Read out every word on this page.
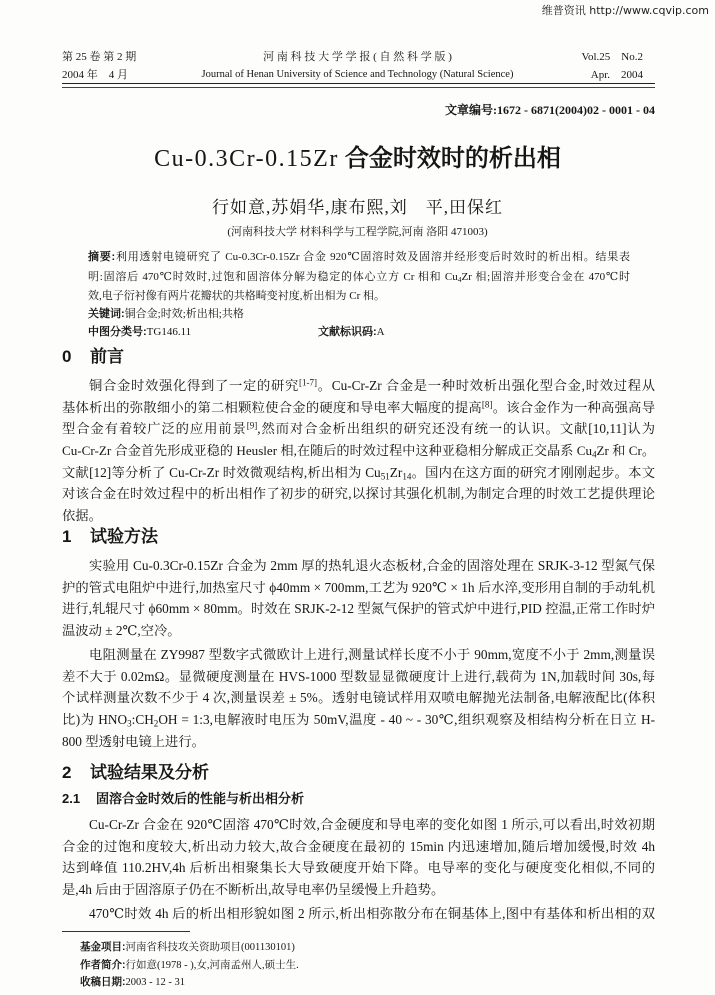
维普资讯 http://www.cqvip.com
第 25 卷 第 2 期
2004 年　4 月
河 南 科 技 大 学 学 报 ( 自 然 科 学 版 )
Journal of Henan University of Science and Technology (Natural Science)
Vol.25　No.2
Apr.　2004
文章编号:1672 - 6871(2004)02 - 0001 - 04
Cu-0.3Cr-0.15Zr 合金时效时的析出相
行如意,苏娟华,康布熙,刘　平,田保红
(河南科技大学 材料科学与工程学院,河南 洛阳 471003)
摘要:利用透射电镜研究了 Cu-0.3Cr-0.15Zr 合金 920℃固溶时效及固溶并经形变后时效时的析出相。结果表
明:固溶后 470℃时效时,过饱和固溶体分解为稳定的体心立方 Cr 相和 $Cu_4Zr$ 相;固溶并形变合金在 470℃时
效,电子衍衬像有两片花瓣状的共格畸变衬度,析出相为 Cr 相。
关键词:铜合金;时效;析出相;共格
中图分类号:TG146.11	文献标识码:A
0 前言
铜合金时效强化得到了一定的研究[1-7]。Cu-Cr-Zr 合金是一种时效析出强化型合金,时效过程从
基体析出的弥散细小的第二相颗粒使合金的硬度和导电率大幅度的提高[8]。该合金作为一种高强高导
型合金有着较广泛的应用前景[9],然而对合金析出组织的研究还没有统一的认识。文献[10,11]认为
Cu-Cr-Zr 合金首先形成亚稳的 Heusler 相,在随后的时效过程中这种亚稳相分解成正交晶系 $Cu_4Zr$ 和 Cr。
文献[12]等分析了 Cu-Cr-Zr 时效微观结构,析出相为 $Cu_{51}Zr_{14}$。国内在这方面的研究才刚刚起步。本文
对该合金在时效过程中的析出相作了初步的研究,以探讨其强化机制,为制定合理的时效工艺提供理论
依据。
1 试验方法
实验用 Cu-0.3Cr-0.15Zr 合金为 2mm 厚的热轧退火态板材,合金的固溶处理在 SRJK-3-12 型氮气保
护的管式电阻炉中进行,加热室尺寸 ϕ40mm × 700mm,工艺为 920℃ × 1h 后水淬,变形用自制的手动轧机
进行,轧辊尺寸 ϕ60mm × 80mm。时效在 SRJK-2-12 型氮气保护的管式炉中进行,PID 控温,正常工作时炉
温波动 ± 2℃,空冷。
电阻测量在 ZY9987 型数字式微欧计上进行,测量试样长度不小于 90mm,宽度不小于 2mm,测量误
差不大于 0.02mΩ。显微硬度测量在 HVS-1000 型数显显微硬度计上进行,载荷为 1N,加载时间 30s,每
个试样测量次数不少于 4 次,测量误差 ± 5%。透射电镜试样用双喷电解抛光法制备,电解液配比(体积
比)为 $HNO_3:CH_2OH$ = 1:3,电解液时电压为 50mV,温度 - 40 ~ - 30℃,组织观察及相结构分析在日立 H-
800 型透射电镜上进行。
2 试验结果及分析
2.1 固溶合金时效后的性能与析出相分析
Cu-Cr-Zr 合金在 920℃固溶 470℃时效,合金硬度和导电率的变化如图 1 所示,可以看出,时效初期
合金的过饱和度较大,析出动力较大,故合金硬度在最初的 15min 内迅速增加,随后增加缓慢,时效 4h
达到峰值 110.2HV,4h 后析出相聚集长大导致硬度开始下降。电导率的变化与硬度变化相似,不同的
是,4h 后由于固溶原子仍在不断析出,故导电率仍呈缓慢上升趋势。
470℃时效 4h 后的析出相形貌如图 2 所示,析出相弥散分布在铜基体上,图中有基体和析出相的双
基金项目:河南省科技攻关资助项目(001130101)
作者简介:行如意(1978 - ),女,河南孟州人,硕士生.
收稿日期:2003 - 12 - 31
